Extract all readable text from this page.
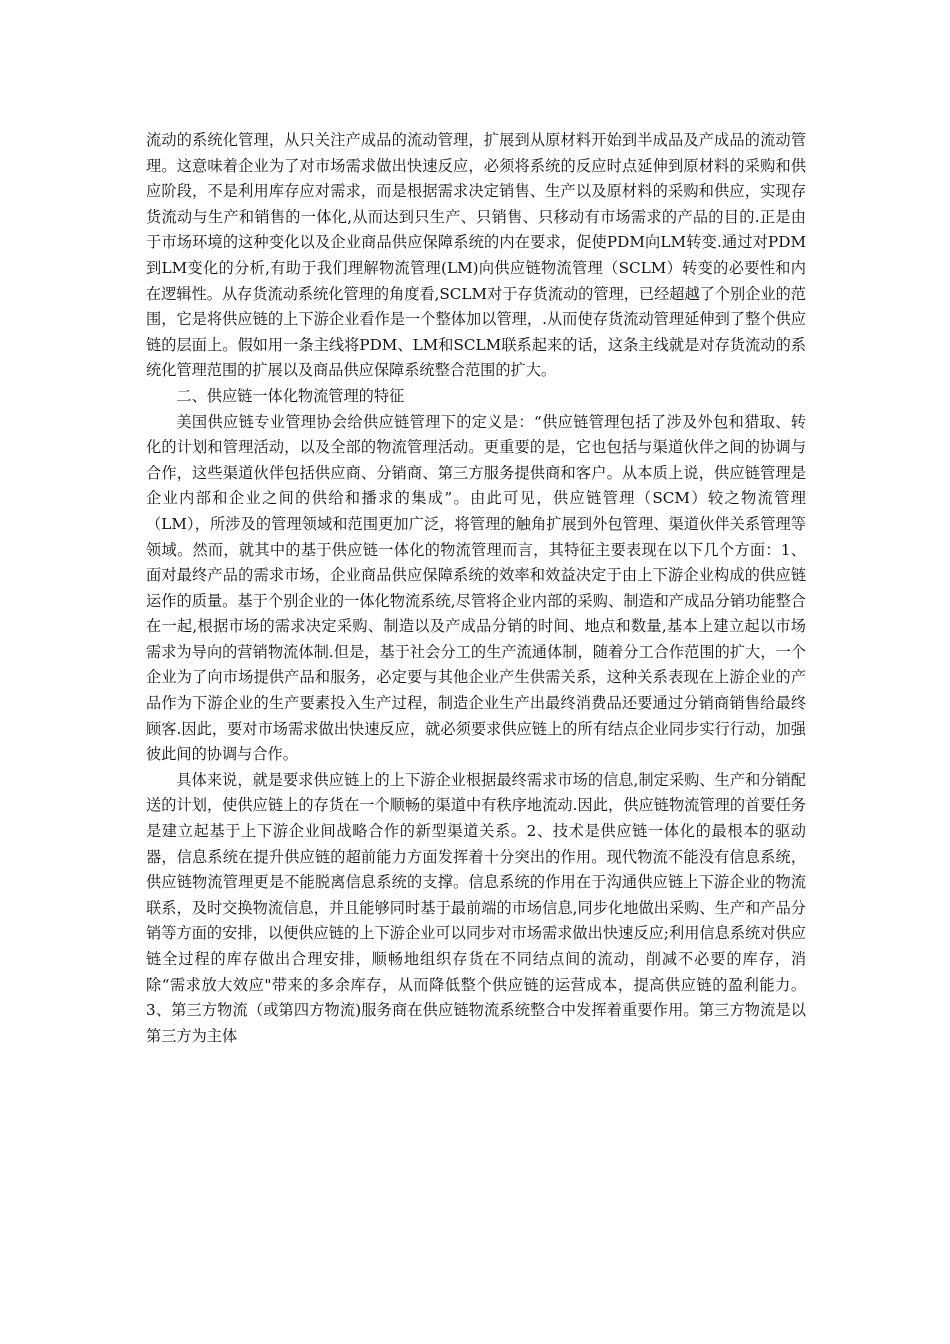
流动的系统化管理，从只关注产成品的流动管理，扩展到从原材料开始到半成品及产成品的流动管理。这意味着企业为了对市场需求做出快速反应，必须将系统的反应时点延伸到原材料的采购和供应阶段，不是利用库存应对需求，而是根据需求决定销售、生产以及原材料的采购和供应，实现存货流动与生产和销售的一体化,从而达到只生产、只销售、只移动有市场需求的产品的目的.正是由于市场环境的这种变化以及企业商品供应保障系统的内在要求，促使PDM向LM转变.通过对PDM到LM变化的分析,有助于我们理解物流管理(LM)向供应链物流管理（SCLM）转变的必要性和内在逻辑性。从存货流动系统化管理的角度看,SCLM对于存货流动的管理，已经超越了个别企业的范围，它是将供应链的上下游企业看作是一个整体加以管理，.从而使存货流动管理延伸到了整个供应链的层面上。假如用一条主线将PDM、LM和SCLM联系起来的话，这条主线就是对存货流动的系统化管理范围的扩展以及商品供应保障系统整合范围的扩大。

二、供应链一体化物流管理的特征

美国供应链专业管理协会给供应链管理下的定义是：“供应链管理包括了涉及外包和猎取、转化的计划和管理活动，以及全部的物流管理活动。更重要的是，它也包括与渠道伙伴之间的协调与合作，这些渠道伙伴包括供应商、分销商、第三方服务提供商和客户。从本质上说，供应链管理是企业内部和企业之间的供给和播求的集成”。由此可见，供应链管理（SCM）较之物流管理（LM），所涉及的管理领域和范围更加广泛，将管理的触角扩展到外包管理、渠道伙伴关系管理等领域。然而，就其中的基于供应链一体化的物流管理而言，其特征主要表现在以下几个方面：1、面对最终产品的需求市场，企业商品供应保障系统的效率和效益决定于由上下游企业构成的供应链运作的质量。基于个别企业的一体化物流系统,尽管将企业内部的采购、制造和产成品分销功能整合在一起,根据市场的需求决定采购、制造以及产成品分销的时间、地点和数量,基本上建立起以市场需求为导向的营销物流体制.但是，基于社会分工的生产流通体制，随着分工合作范围的扩大，一个企业为了向市场提供产品和服务，必定要与其他企业产生供需关系，这种关系表现在上游企业的产品作为下游企业的生产要素投入生产过程，制造企业生产出最终消费品还要通过分销商销售给最终顾客.因此，要对市场需求做出快速反应，就必须要求供应链上的所有结点企业同步实行行动，加强彼此间的协调与合作。

具体来说，就是要求供应链上的上下游企业根据最终需求市场的信息,制定采购、生产和分销配送的计划，使供应链上的存货在一个顺畅的渠道中有秩序地流动.因此，供应链物流管理的首要任务是建立起基于上下游企业间战略合作的新型渠道关系。2、技术是供应链一体化的最根本的驱动器，信息系统在提升供应链的超前能力方面发挥着十分突出的作用。现代物流不能没有信息系统，供应链物流管理更是不能脱离信息系统的支撑。信息系统的作用在于沟通供应链上下游企业的物流联系，及时交换物流信息，并且能够同时基于最前端的市场信息,同步化地做出采购、生产和产品分销等方面的安排，以便供应链的上下游企业可以同步对市场需求做出快速反应;利用信息系统对供应链全过程的库存做出合理安排，顺畅地组织存货在不同结点间的流动，削减不必要的库存，消除“需求放大效应"带来的多余库存，从而降低整个供应链的运营成本，提高供应链的盈利能力。3、第三方物流（或第四方物流)服务商在供应链物流系统整合中发挥着重要作用。第三方物流是以第三方为主体
